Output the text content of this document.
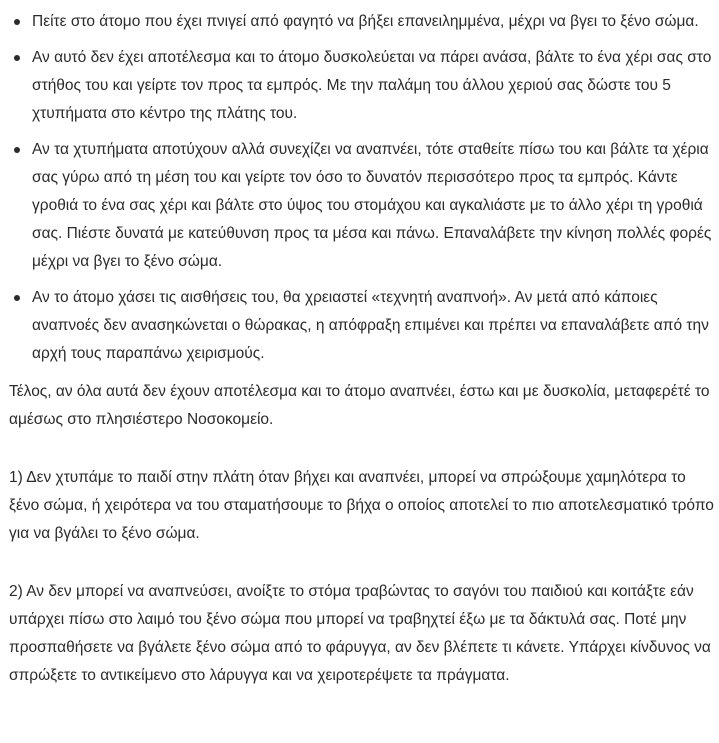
Πείτε στο άτομο που έχει πνιγεί από φαγητό να βήξει επανειλημμένα, μέχρι να βγει το ξένο σώμα.
Αν αυτό δεν έχει αποτέλεσμα και το άτομο δυσκολεύεται να πάρει ανάσα, βάλτε το ένα χέρι σας στο στήθος του και γείρτε τον προς τα εμπρός. Με την παλάμη του άλλου χεριού σας δώστε του 5 χτυπήματα στο κέντρο της πλάτης του.
Αν τα χτυπήματα αποτύχουν αλλά συνεχίζει να αναπνέει, τότε σταθείτε πίσω του και βάλτε τα χέρια σας γύρω από τη μέση του και γείρτε τον όσο το δυνατόν περισσότερο προς τα εμπρός. Κάντε γροθιά το ένα σας χέρι και βάλτε στο ύψος του στομάχου και αγκαλιάστε με το άλλο χέρι τη γροθιά σας. Πιέστε δυνατά με κατεύθυνση προς τα μέσα και πάνω. Επαναλάβετε την κίνηση πολλές φορές μέχρι να βγει το ξένο σώμα.
Αν το άτομο χάσει τις αισθήσεις του, θα χρειαστεί «τεχνητή αναπνοή». Αν μετά από κάποιες αναπνοές δεν ανασηκώνεται ο θώρακας, η απόφραξη επιμένει και πρέπει να επαναλάβετε από την αρχή τους παραπάνω χειρισμούς.

Τέλος, αν όλα αυτά δεν έχουν αποτέλεσμα και το άτομο αναπνέει, έστω και με δυσκολία, μεταφερέτέ το αμέσως στο πλησιέστερο Νοσοκομείο.

1) Δεν χτυπάμε το παιδί στην πλάτη όταν βήχει και αναπνέει, μπορεί να σπρώξουμε χαμηλότερα το ξένο σώμα, ή χειρότερα να του σταματήσουμε το βήχα ο οποίος αποτελεί το πιο αποτελεσματικό τρόπο για να βγάλει το ξένο σώμα.

2) Αν δεν μπορεί να αναπνεύσει, ανοίξτε το στόμα τραβώντας το σαγόνι του παιδιού και κοιτάξτε εάν υπάρχει πίσω στο λαιμό του ξένο σώμα που μπορεί να τραβηχτεί έξω με τα δάκτυλά σας. Ποτέ μην προσπαθήσετε να βγάλετε ξένο σώμα από το φάρυγγα, αν δεν βλέπετε τι κάνετε. Υπάρχει κίνδυνος να σπρώξετε το αντικείμενο στο λάρυγγα και να χειροτερέψετε τα πράγματα.
